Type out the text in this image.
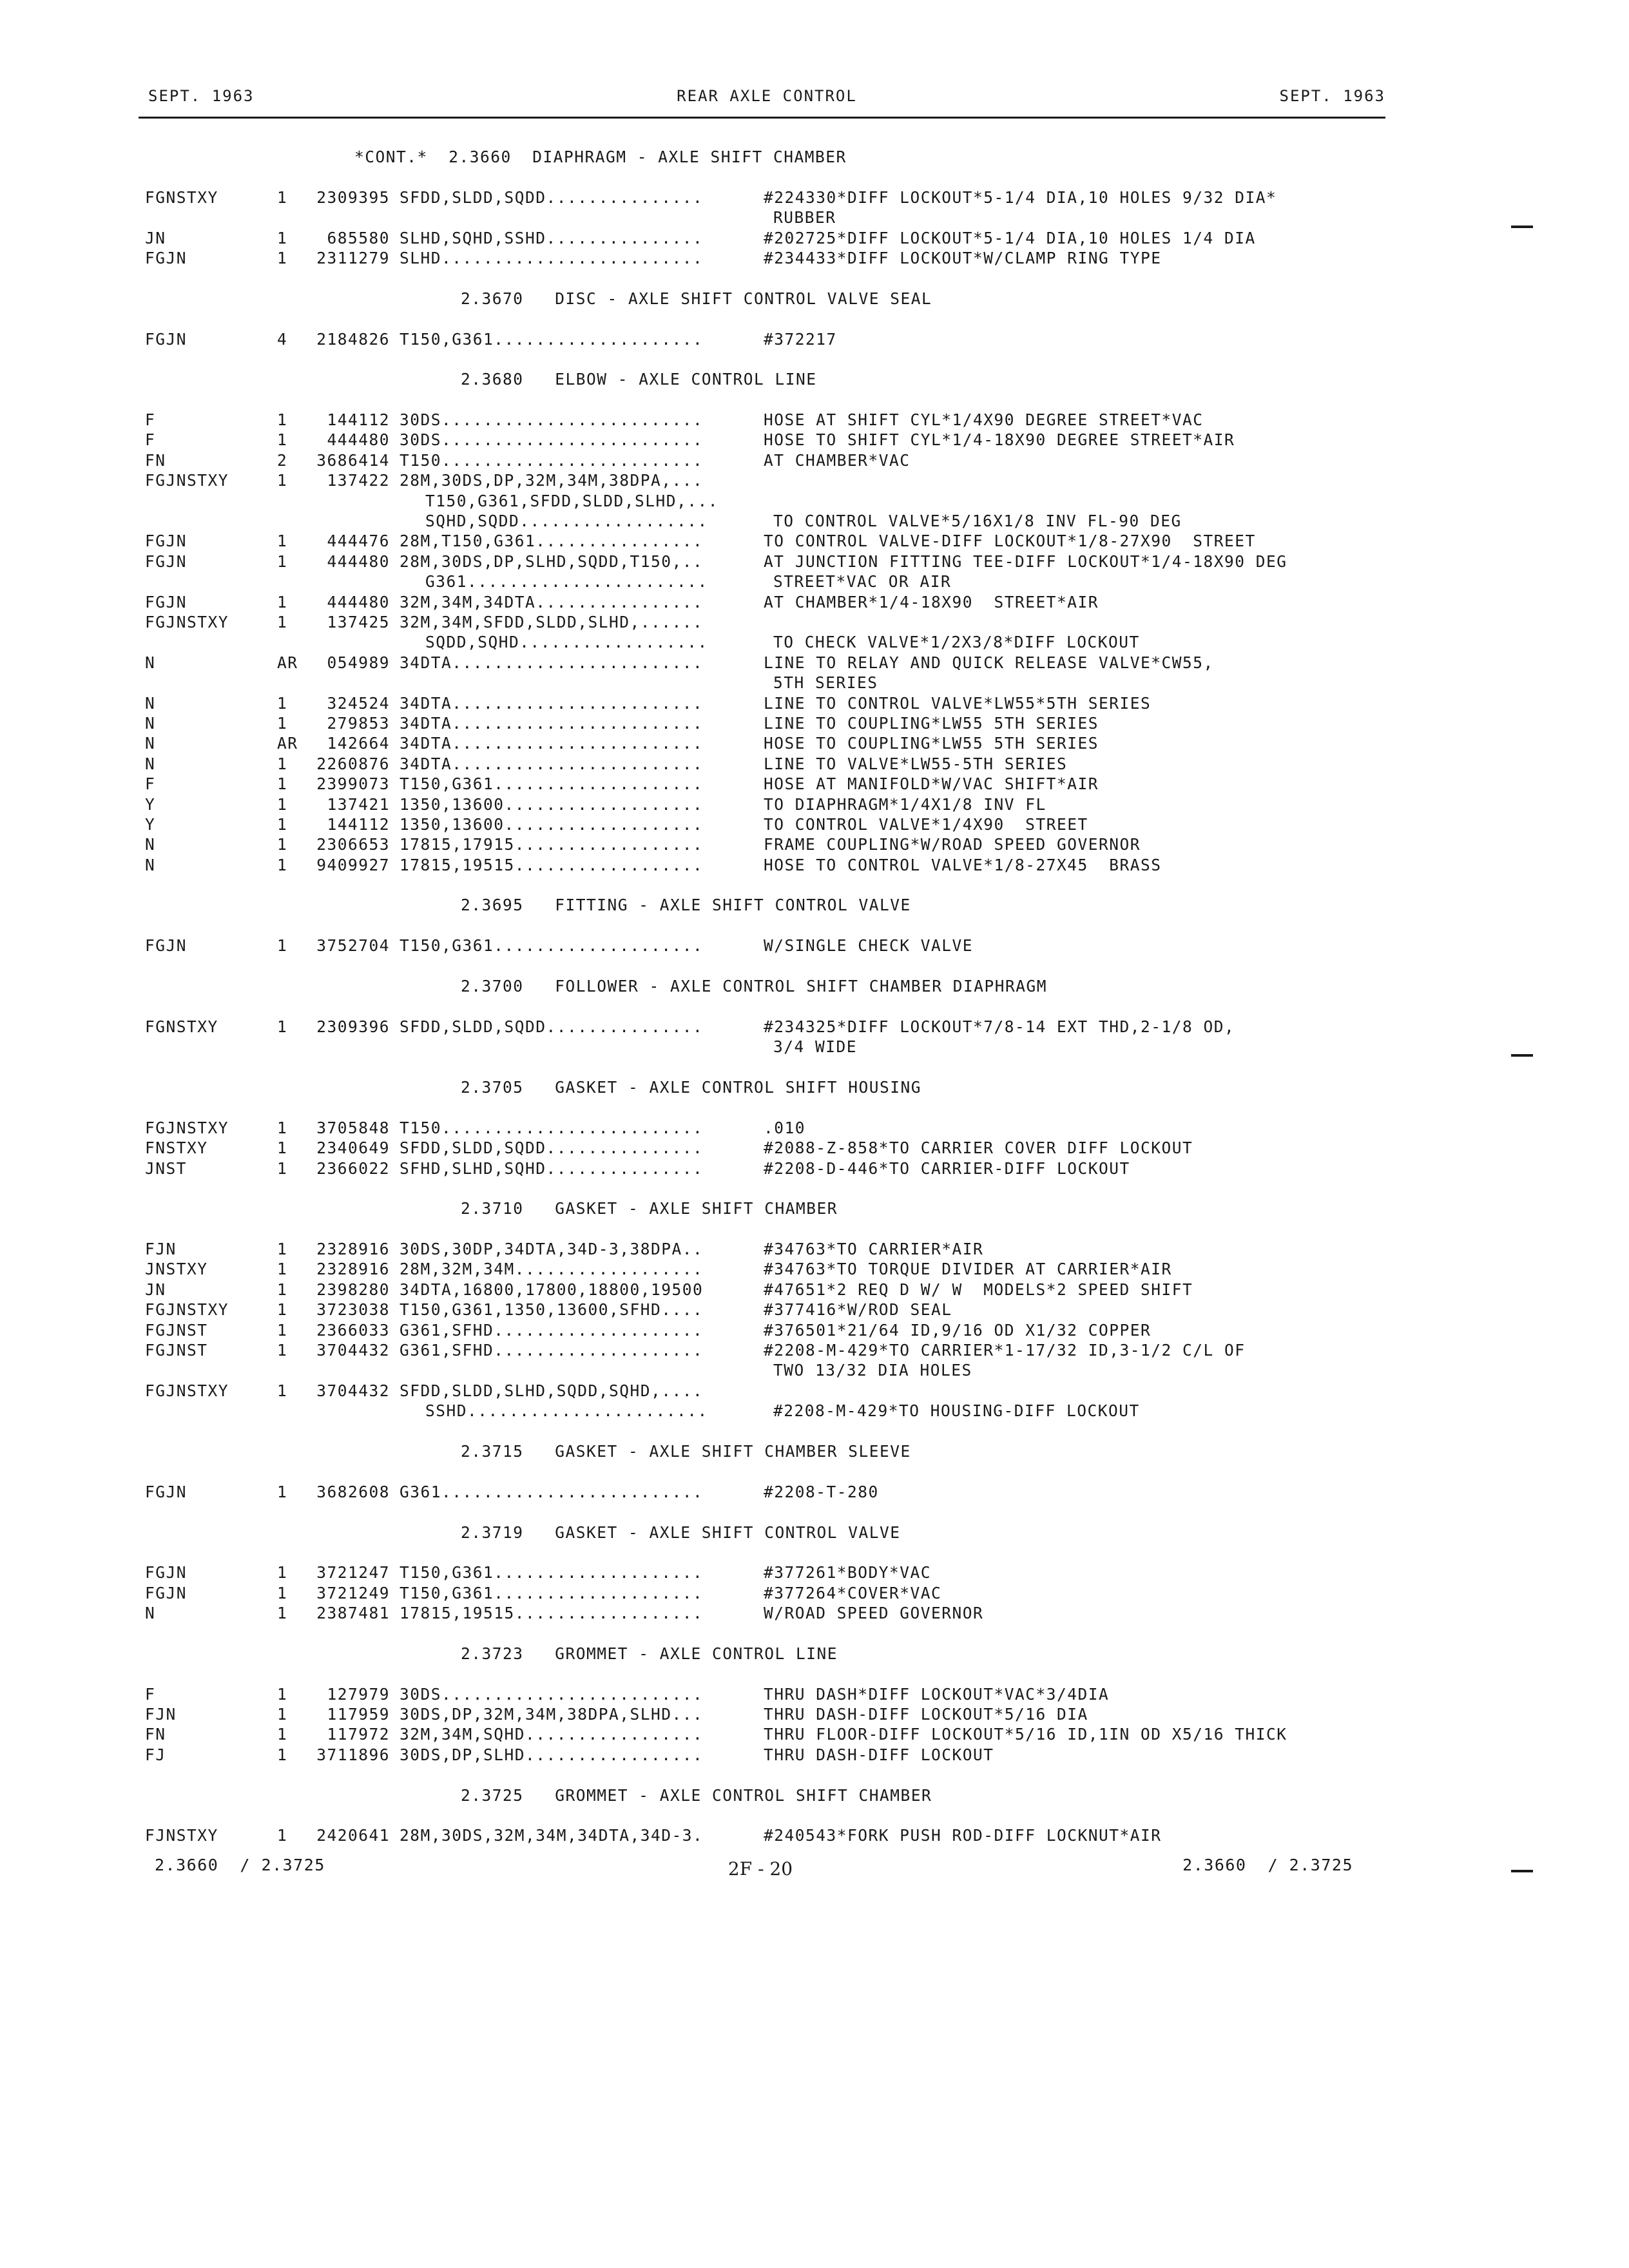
SEPT. 1963	REAR AXLE CONTROL	SEPT. 1963
*CONT.*  2.3660  DIAPHRAGM - AXLE SHIFT CHAMBER
FGNSTXY	1 2309395 SFDD,SLDD,SQDD...............	#224330*DIFF LOCKOUT*5-1/4 DIA,10 HOLES 9/32 DIA*
RUBBER
JN	1 685580 SLHD,SQHD,SSHD...............	#202725*DIFF LOCKOUT*5-1/4 DIA,10 HOLES 1/4 DIA
FGJN	1 2311279 SLHD.........................	#234433*DIFF LOCKOUT*W/CLAMP RING TYPE
2.3670   DISC - AXLE SHIFT CONTROL VALVE SEAL
FGJN	4 2184826 T150,G361....................	#372217
2.3680   ELBOW - AXLE CONTROL LINE
F	1 144112 30DS.........................	HOSE AT SHIFT CYL*1/4X90 DEGREE STREET*VAC
F	1 444480 30DS.........................	HOSE TO SHIFT CYL*1/4-18X90 DEGREE STREET*AIR
FN	2 3686414 T150.........................	AT CHAMBER*VAC
FGJNSTXY	1 137422 28M,30DS,DP,32M,34M,38DPA,...
T150,G361,SFDD,SLDD,SLHD,...
SQHD,SQDD..................	TO CONTROL VALVE*5/16X1/8 INV FL-90 DEG
FGJN	1 444476 28M,T150,G361................	TO CONTROL VALVE-DIFF LOCKOUT*1/8-27X90  STREET
FGJN	1 444480 28M,30DS,DP,SLHD,SQDD,T150,..	AT JUNCTION FITTING TEE-DIFF LOCKOUT*1/4-18X90 DEG
G361.......................	STREET*VAC OR AIR
FGJN	1 444480 32M,34M,34DTA................	AT CHAMBER*1/4-18X90  STREET*AIR
FGJNSTXY	1 137425 32M,34M,SFDD,SLDD,SLHD,......
SQDD,SQHD..................	TO CHECK VALVE*1/2X3/8*DIFF LOCKOUT
N	AR 054989 34DTA........................	LINE TO RELAY AND QUICK RELEASE VALVE*CW55,
5TH SERIES
N	1 324524 34DTA........................	LINE TO CONTROL VALVE*LW55*5TH SERIES
N	1 279853 34DTA........................	LINE TO COUPLING*LW55 5TH SERIES
N	AR 142664 34DTA........................	HOSE TO COUPLING*LW55 5TH SERIES
N	1 2260876 34DTA........................	LINE TO VALVE*LW55-5TH SERIES
F	1 2399073 T150,G361....................	HOSE AT MANIFOLD*W/VAC SHIFT*AIR
Y	1 137421 1350,13600...................	TO DIAPHRAGM*1/4X1/8 INV FL
Y	1 144112 1350,13600...................	TO CONTROL VALVE*1/4X90  STREET
N	1 2306653 17815,17915..................	FRAME COUPLING*W/ROAD SPEED GOVERNOR
N	1 9409927 17815,19515..................	HOSE TO CONTROL VALVE*1/8-27X45  BRASS
2.3695   FITTING - AXLE SHIFT CONTROL VALVE
FGJN	1 3752704 T150,G361....................	W/SINGLE CHECK VALVE
2.3700   FOLLOWER - AXLE CONTROL SHIFT CHAMBER DIAPHRAGM
FGNSTXY	1 2309396 SFDD,SLDD,SQDD...............	#234325*DIFF LOCKOUT*7/8-14 EXT THD,2-1/8 OD,
3/4 WIDE
2.3705   GASKET - AXLE CONTROL SHIFT HOUSING
FGJNSTXY	1 3705848 T150.........................	.010
FNSTXY	1 2340649 SFDD,SLDD,SQDD...............	#2088-Z-858*TO CARRIER COVER DIFF LOCKOUT
JNST	1 2366022 SFHD,SLHD,SQHD...............	#2208-D-446*TO CARRIER-DIFF LOCKOUT
2.3710   GASKET - AXLE SHIFT CHAMBER
FJN	1 2328916 30DS,30DP,34DTA,34D-3,38DPA..	#34763*TO CARRIER*AIR
JNSTXY	1 2328916 28M,32M,34M..................	#34763*TO TORQUE DIVIDER AT CARRIER*AIR
JN	1 2398280 34DTA,16800,17800,18800,19500	#47651*2 REQ D W/ W  MODELS*2 SPEED SHIFT
FGJNSTXY	1 3723038 T150,G361,1350,13600,SFHD....	#377416*W/ROD SEAL
FGJNST	1 2366033 G361,SFHD....................	#376501*21/64 ID,9/16 OD X1/32 COPPER
FGJNST	1 3704432 G361,SFHD....................	#2208-M-429*TO CARRIER*1-17/32 ID,3-1/2 C/L OF
TWO 13/32 DIA HOLES
FGJNSTXY	1 3704432 SFDD,SLDD,SLHD,SQDD,SQHD,....
SSHD.......................	#2208-M-429*TO HOUSING-DIFF LOCKOUT
2.3715   GASKET - AXLE SHIFT CHAMBER SLEEVE
FGJN	1 3682608 G361.........................	#2208-T-280
2.3719   GASKET - AXLE SHIFT CONTROL VALVE
FGJN	1 3721247 T150,G361....................	#377261*BODY*VAC
FGJN	1 3721249 T150,G361....................	#377264*COVER*VAC
N	1 2387481 17815,19515..................	W/ROAD SPEED GOVERNOR
2.3723   GROMMET - AXLE CONTROL LINE
F	1 127979 30DS.........................	THRU DASH*DIFF LOCKOUT*VAC*3/4DIA
FJN	1 117959 30DS,DP,32M,34M,38DPA,SLHD...	THRU DASH-DIFF LOCKOUT*5/16 DIA
FN	1 117972 32M,34M,SQHD.................	THRU FLOOR-DIFF LOCKOUT*5/16 ID,1IN OD X5/16 THICK
FJ	1 3711896 30DS,DP,SLHD.................	THRU DASH-DIFF LOCKOUT
2.3725   GROMMET - AXLE CONTROL SHIFT CHAMBER
FJNSTXY	1 2420641 28M,30DS,32M,34M,34DTA,34D-3.	#240543*FORK PUSH ROD-DIFF LOCKNUT*AIR
2.3660  / 2.3725	2F - 20	2.3660  / 2.3725
